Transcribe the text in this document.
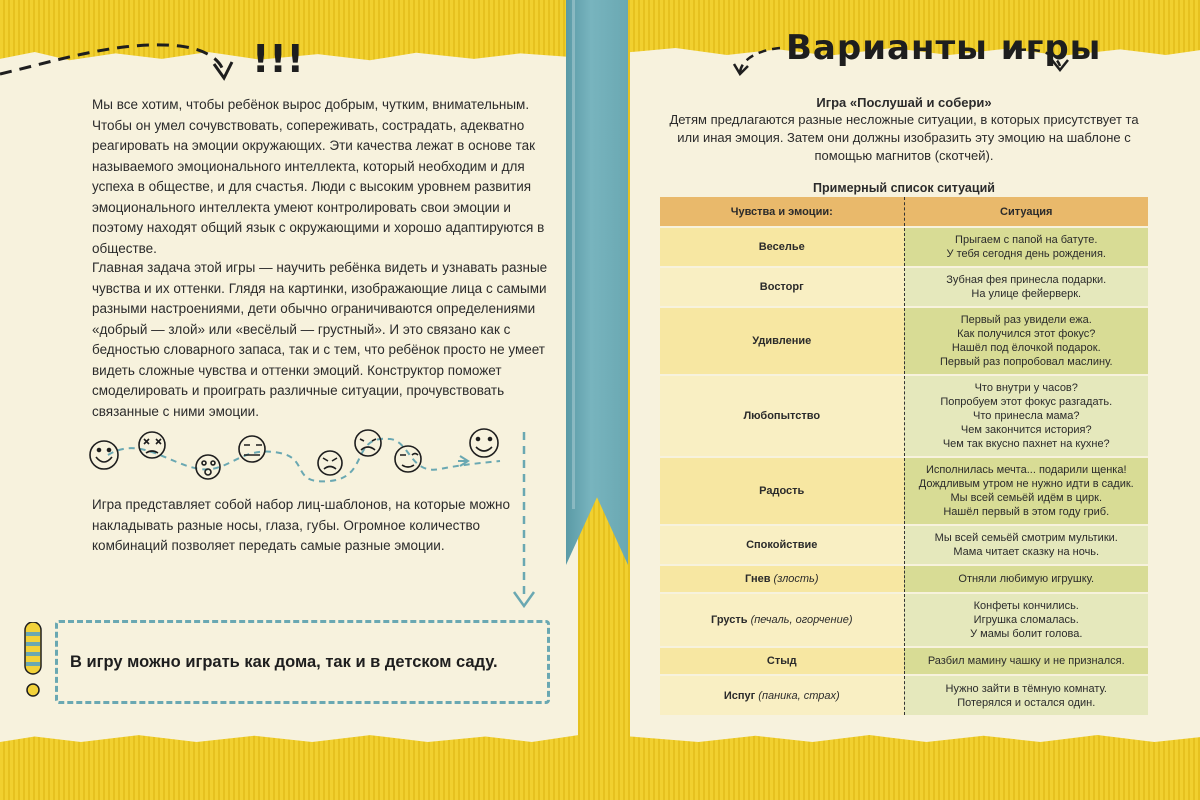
!!!
Мы все хотим, чтобы ребёнок вырос добрым, чутким, внимательным. Чтобы он умел сочувствовать, сопереживать, сострадать, адекватно реагировать на эмоции окружающих. Эти качества лежат в основе так называемого эмоционального интеллекта, который необходим и для успеха в обществе, и для счастья. Люди с высоким уровнем развития эмоционального интеллекта умеют контролировать свои эмоции и поэтому находят общий язык с окружающими и хорошо адаптируются в обществе.
Главная задача этой игры — научить ребёнка видеть и узнавать разные чувства и их оттенки. Глядя на картинки, изображающие лица с самыми разными настроениями, дети обычно ограничиваются определениями «добрый — злой» или «весёлый — грустный». И это связано как с бедностью словарного запаса, так и с тем, что ребёнок просто не умеет видеть сложные чувства и оттенки эмоций. Конструктор поможет смоделировать и проиграть различные ситуации, прочувствовать связанные с ними эмоции.
Игра представляет собой набор лиц-шаблонов, на которые можно накладывать разные носы, глаза, губы. Огромное количество комбинаций позволяет передать самые разные эмоции.
В игру можно играть как дома, так и в детском саду.
Варианты игры
Игра «Послушай и собери»
Детям предлагаются разные несложные ситуации, в которых присутствует та или иная эмоция. Затем они должны изобразить эту эмоцию на шаблоне с помощью магнитов (скотчей).
Примерный список ситуаций
Чувства и эмоции:	Ситуация
Веселье	Прыгаем с папой на батуте.
У тебя сегодня день рождения.

Восторг	Зубная фея принесла подарки.
На улице фейерверк.

Удивление	Первый раз увидели ежа.
Как получился этот фокус?
Нашёл под ёлочкой подарок.
Первый раз попробовал маслину.

Любопытство	Что внутри у часов?
Попробуем этот фокус разгадать.
Что принесла мама?
Чем закончится история?
Чем так вкусно пахнет на кухне?

Радость	Исполнилась мечта... подарили щенка!
Дождливым утром не нужно идти в садик.
Мы всей семьёй идём в цирк.
Нашёл первый в этом году гриб.

Спокойствие	Мы всей семьёй смотрим мультики.
Мама читает сказку на ночь.

Гнев (злость)	Отняли любимую игрушку.

Грусть (печаль, огорчение)	Конфеты кончились.
Игрушка сломалась.
У мамы болит голова.

Стыд	Разбил мамину чашку и не признался.

Испуг (паника, страх)	Нужно зайти в тёмную комнату.
Потерялся и остался один.
